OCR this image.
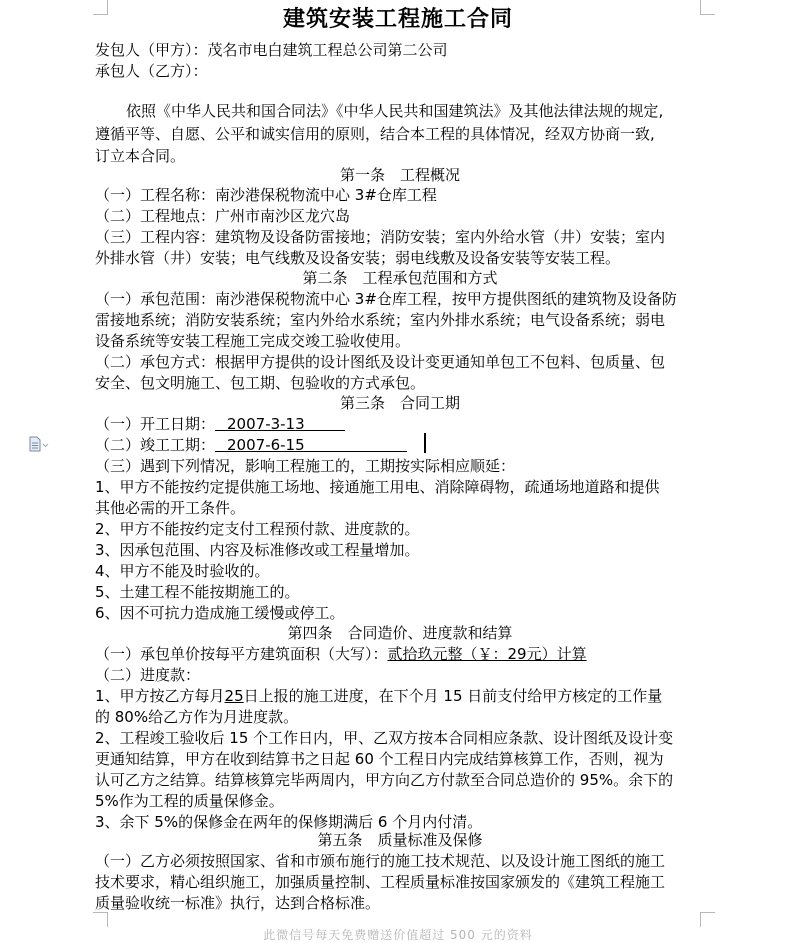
建筑安装工程施工合同
发包人（甲方）：茂名市电白建筑工程总公司第二公司
承包人（乙方）：
依照《中华人民共和国合同法》《中华人民共和国建筑法》及其他法律法规的规定,
遵循平等、自愿、公平和诚实信用的原则，结合本工程的具体情况，经双方协商一致,
订立本合同。
第一条　工程概况
（一）工程名称：南沙港保税物流中心 3#仓库工程
（二）工程地点：广州市南沙区龙穴岛
（三）工程内容：建筑物及设备防雷接地；消防安装；室内外给水管（井）安装；室内
外排水管（井）安装；电气线敷及设备安装；弱电线敷及设备安装等安装工程。
第二条　工程承包范围和方式
（一）承包范围：南沙港保税物流中心 3#仓库工程，按甲方提供图纸的建筑物及设备防
雷接地系统；消防安装系统；室内外给水系统；室内外排水系统；电气设备系统；弱电
设备系统等安装工程施工完成交竣工验收使用。
（二）承包方式：根据甲方提供的设计图纸及设计变更通知单包工不包料、包质量、包
安全、包文明施工、包工期、包验收的方式承包。
第三条　合同工期
（一）开工日期： 2007-3-13
（二）竣工工期： 2007-6-15
（三）遇到下列情况，影响工程施工的，工期按实际相应顺延：
1、甲方不能按约定提供施工场地、接通施工用电、消除障碍物，疏通场地道路和提供
其他必需的开工条件。
2、甲方不能按约定支付工程预付款、进度款的。
3、因承包范围、内容及标准修改或工程量增加。
4、甲方不能及时验收的。
5、土建工程不能按期施工的。
6、因不可抗力造成施工缓慢或停工。
第四条　合同造价、进度款和结算
（一）承包单价按每平方建筑面积（大写）：贰拾玖元整（￥：29元）计算
（二）进度款：
1、甲方按乙方每月25日上报的施工进度，在下个月 15 日前支付给甲方核定的工作量
的 80%给乙方作为月进度款。
2、工程竣工验收后 15 个工作日内，甲、乙双方按本合同相应条款、设计图纸及设计变
更通知结算，甲方在收到结算书之日起 60 个工程日内完成结算核算工作，否则，视为
认可乙方之结算。结算核算完毕两周内，甲方向乙方付款至合同总造价的 95%。余下的
5%作为工程的质量保修金。
3、余下 5%的保修金在两年的保修期满后 6 个月内付清。
第五条　质量标准及保修
（一）乙方必须按照国家、省和市颁布施行的施工技术规范、以及设计施工图纸的施工
技术要求，精心组织施工，加强质量控制、工程质量标准按国家颁发的《建筑工程施工
质量验收统一标准》执行，达到合格标准。
此微信号每天免费赠送价值超过 500 元的资料
